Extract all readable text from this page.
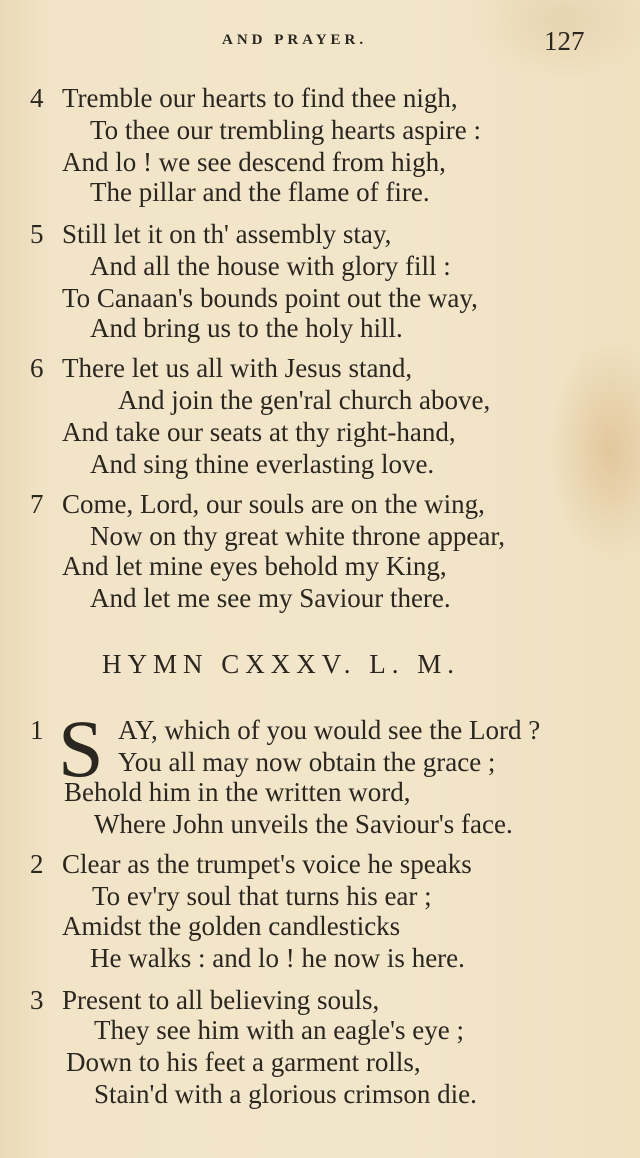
AND PRAYER.	127
4 Tremble our hearts to find thee nigh,
To thee our trembling hearts aspire :
And lo ! we see descend from high,
The pillar and the flame of fire.
5 Still let it on th' assembly stay,
And all the house with glory fill :
To Canaan's bounds point out the way,
And bring us to the holy hill.
6 There let us all with Jesus stand,
And join the gen'ral church above,
And take our seats at thy right-hand,
And sing thine everlasting love.
7 Come, Lord, our souls are on the wing,
Now on thy great white throne appear,
And let mine eyes behold my King,
And let me see my Saviour there.
HYMN CXXXV. L. M.
1 S AY, which of you would see the Lord ?
You all may now obtain the grace ;
Behold him in the written word,
Where John unveils the Saviour's face.
2 Clear as the trumpet's voice he speaks
To ev'ry soul that turns his ear ;
Amidst the golden candlesticks
He walks : and lo ! he now is here.
3 Present to all believing souls,
They see him with an eagle's eye ;
Down to his feet a garment rolls,
Stain'd with a glorious crimson die.
